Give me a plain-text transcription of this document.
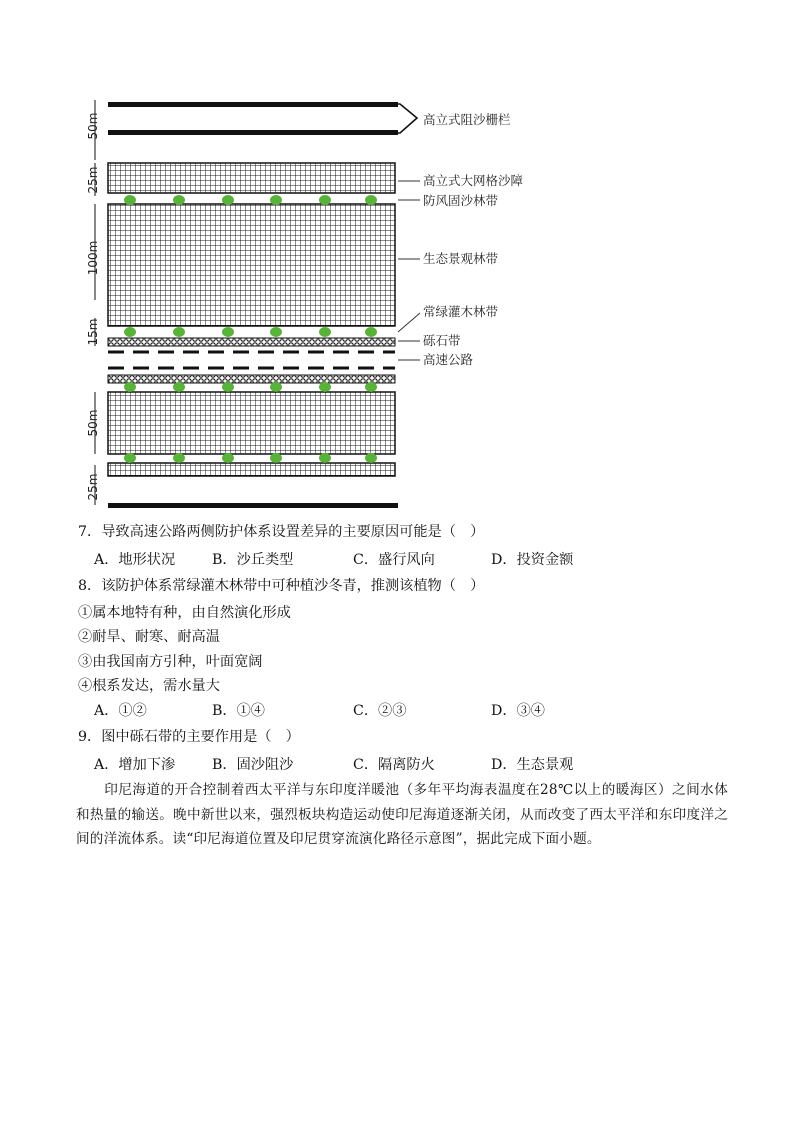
50m
25m
100m
15m
50m
25m
高立式阻沙栅栏
高立式大网格沙障
防风固沙林带
生态景观林带
常绿灌木林带
砾石带
高速公路
7．导致高速公路两侧防护体系设置差异的主要原因可能是（　）
A．地形状况	B．沙丘类型	C．盛行风向	D．投资金额
8．该防护体系常绿灌木林带中可种植沙冬青，推测该植物（　）
①属本地特有种，由自然演化形成
②耐旱、耐寒、耐高温
③由我国南方引种，叶面宽阔
④根系发达，需水量大
A．①②	B．①④	C．②③	D．③④
9．图中砾石带的主要作用是（　）
A．增加下渗	B．固沙阻沙	C．隔离防火	D．生态景观
印尼海道的开合控制着西太平洋与东印度洋暖池（多年平均海表温度在28℃以上的暖海区）之间水体和热量的输送。晚中新世以来，强烈板块构造运动使印尼海道逐渐关闭，从而改变了西太平洋和东印度洋之间的洋流体系。读“印尼海道位置及印尼贯穿流演化路径示意图”，据此完成下面小题。
